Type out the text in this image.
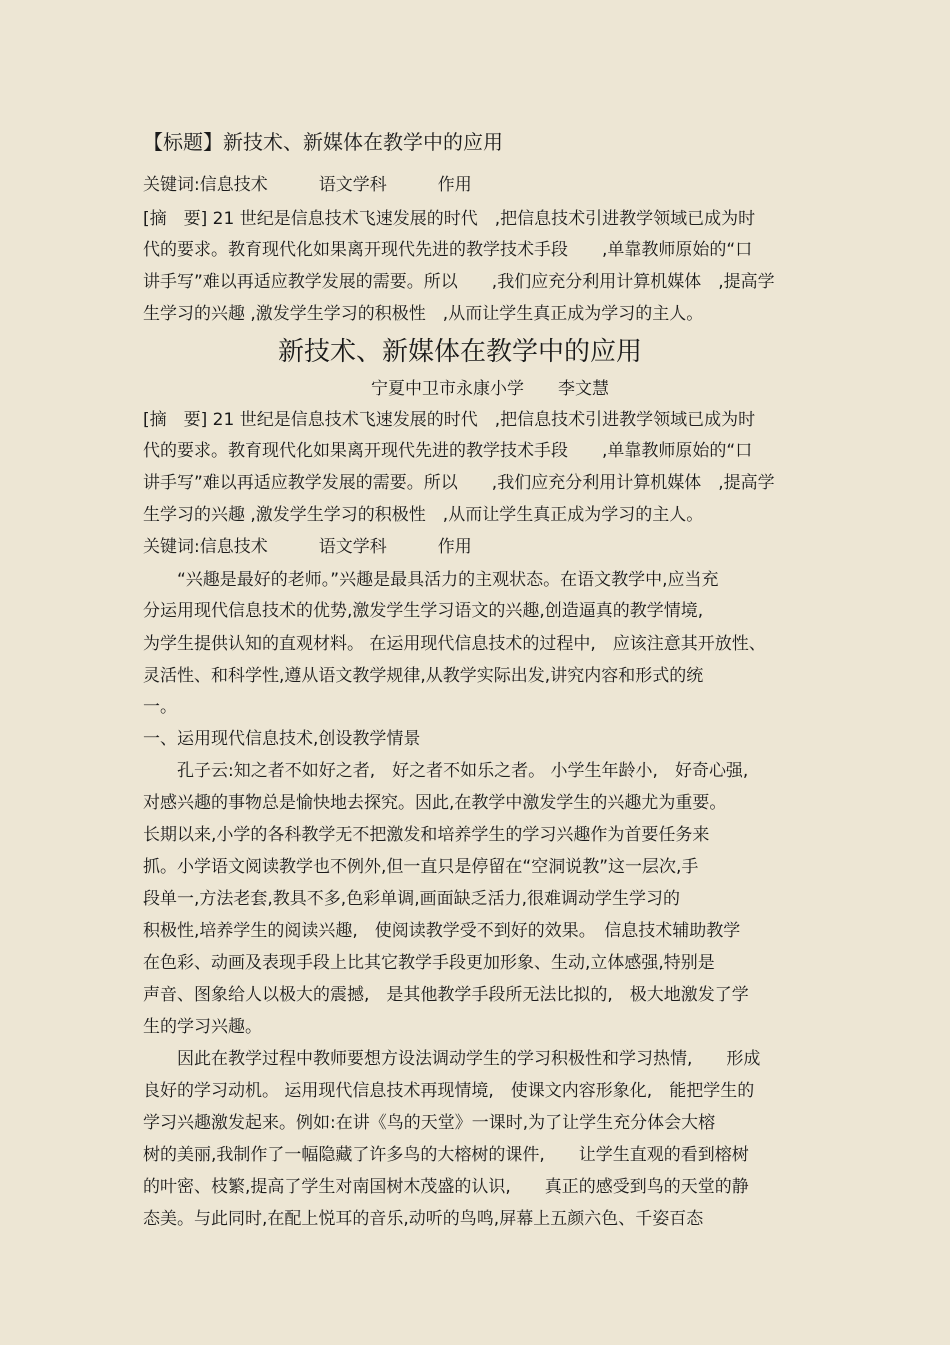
【标题】新技术、新媒体在教学中的应用
关键词:信息技术　　　语文学科　　　作用
[摘　要] 21 世纪是信息技术飞速发展的时代　,把信息技术引进教学领域已成为时
代的要求。教育现代化如果离开现代先进的教学技术手段　　,单靠教师原始的“口
讲手写”难以再适应教学发展的需要。所以　　,我们应充分利用计算机媒体　,提高学
生学习的兴趣 ,激发学生学习的积极性　,从而让学生真正成为学习的主人。
新技术、新媒体在教学中的应用
宁夏中卫市永康小学　　李文慧
[摘　要] 21 世纪是信息技术飞速发展的时代　,把信息技术引进教学领域已成为时
代的要求。教育现代化如果离开现代先进的教学技术手段　　,单靠教师原始的“口
讲手写”难以再适应教学发展的需要。所以　　,我们应充分利用计算机媒体　,提高学
生学习的兴趣 ,激发学生学习的积极性　,从而让学生真正成为学习的主人。
关键词:信息技术　　　语文学科　　　作用
　　“兴趣是最好的老师。”兴趣是最具活力的主观状态。在语文教学中,应当充
分运用现代信息技术的优势,激发学生学习语文的兴趣,创造逼真的教学情境,
为学生提供认知的直观材料。 在运用现代信息技术的过程中,　应该注意其开放性、
灵活性、和科学性,遵从语文教学规律,从教学实际出发,讲究内容和形式的统
一。
一、运用现代信息技术,创设教学情景
　　孔子云:知之者不如好之者,　好之者不如乐之者。 小学生年龄小,　好奇心强,
对感兴趣的事物总是愉快地去探究。因此,在教学中激发学生的兴趣尤为重要。
长期以来,小学的各科教学无不把激发和培养学生的学习兴趣作为首要任务来
抓。小学语文阅读教学也不例外,但一直只是停留在“空洞说教”这一层次,手
段单一,方法老套,教具不多,色彩单调,画面缺乏活力,很难调动学生学习的
积极性,培养学生的阅读兴趣,　使阅读教学受不到好的效果。　信息技术辅助教学
在色彩、动画及表现手段上比其它教学手段更加形象、生动,立体感强,特别是
声音、图象给人以极大的震撼,　是其他教学手段所无法比拟的,　极大地激发了学
生的学习兴趣。
　　因此在教学过程中教师要想方设法调动学生的学习积极性和学习热情,　　形成
良好的学习动机。 运用现代信息技术再现情境,　使课文内容形象化,　能把学生的
学习兴趣激发起来。例如:在讲《鸟的天堂》一课时,为了让学生充分体会大榕
树的美丽,我制作了一幅隐藏了许多鸟的大榕树的课件,　　让学生直观的看到榕树
的叶密、枝繁,提高了学生对南国树木茂盛的认识,　　真正的感受到鸟的天堂的静
态美。与此同时,在配上悦耳的音乐,动听的鸟鸣,屏幕上五颜六色、千姿百态
